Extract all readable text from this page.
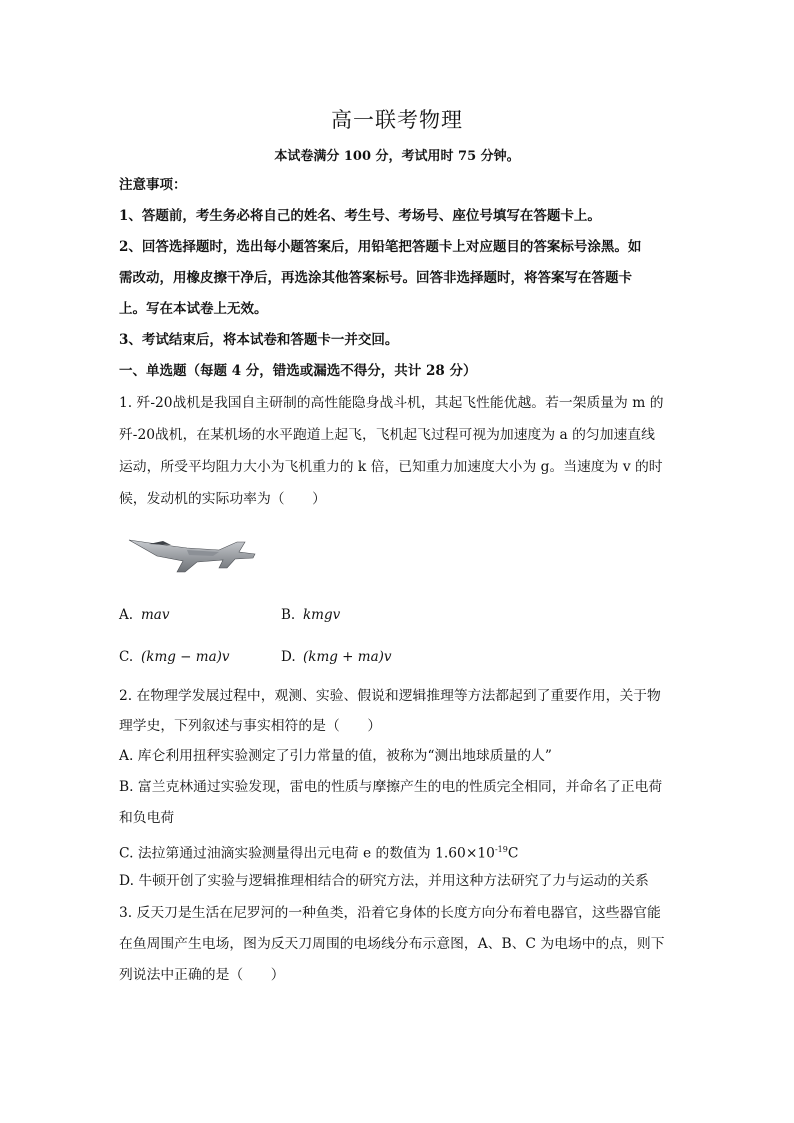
高一联考物理
本试卷满分 100 分，考试用时 75 分钟。
注意事项：
1、答题前，考生务必将自己的姓名、考生号、考场号、座位号填写在答题卡上。
2、回答选择题时，选出每小题答案后，用铅笔把答题卡上对应题目的答案标号涂黑。如
需改动，用橡皮擦干净后，再选涂其他答案标号。回答非选择题时，将答案写在答题卡
上。写在本试卷上无效。
3、考试结束后，将本试卷和答题卡一并交回。
一、单选题（每题 4 分，错选或漏选不得分，共计 28 分）
1. 歼-20战机是我国自主研制的高性能隐身战斗机，其起飞性能优越。若一架质量为 m 的
歼-20战机，在某机场的水平跑道上起飞，飞机起飞过程可视为加速度为 a 的匀加速直线
运动，所受平均阻力大小为飞机重力的 k 倍，已知重力加速度大小为 g。当速度为 v 的时
候，发动机的实际功率为（　　）
A. mav	B. kmgv
C. (kmg − ma)v	D. (kmg + ma)v
2. 在物理学发展过程中，观测、实验、假说和逻辑推理等方法都起到了重要作用，关于物
理学史，下列叙述与事实相符的是（　　）
A. 库仑利用扭秤实验测定了引力常量的值，被称为“测出地球质量的人”
B. 富兰克林通过实验发现，雷电的性质与摩擦产生的电的性质完全相同，并命名了正电荷
和负电荷
C. 法拉第通过油滴实验测量得出元电荷 e 的数值为 $1.60\times 10^{-19}C$
D. 牛顿开创了实验与逻辑推理相结合的研究方法，并用这种方法研究了力与运动的关系
3. 反天刀是生活在尼罗河的一种鱼类，沿着它身体的长度方向分布着电器官，这些器官能
在鱼周围产生电场，图为反天刀周围的电场线分布示意图，A、B、C 为电场中的点，则下
列说法中正确的是（　　）
